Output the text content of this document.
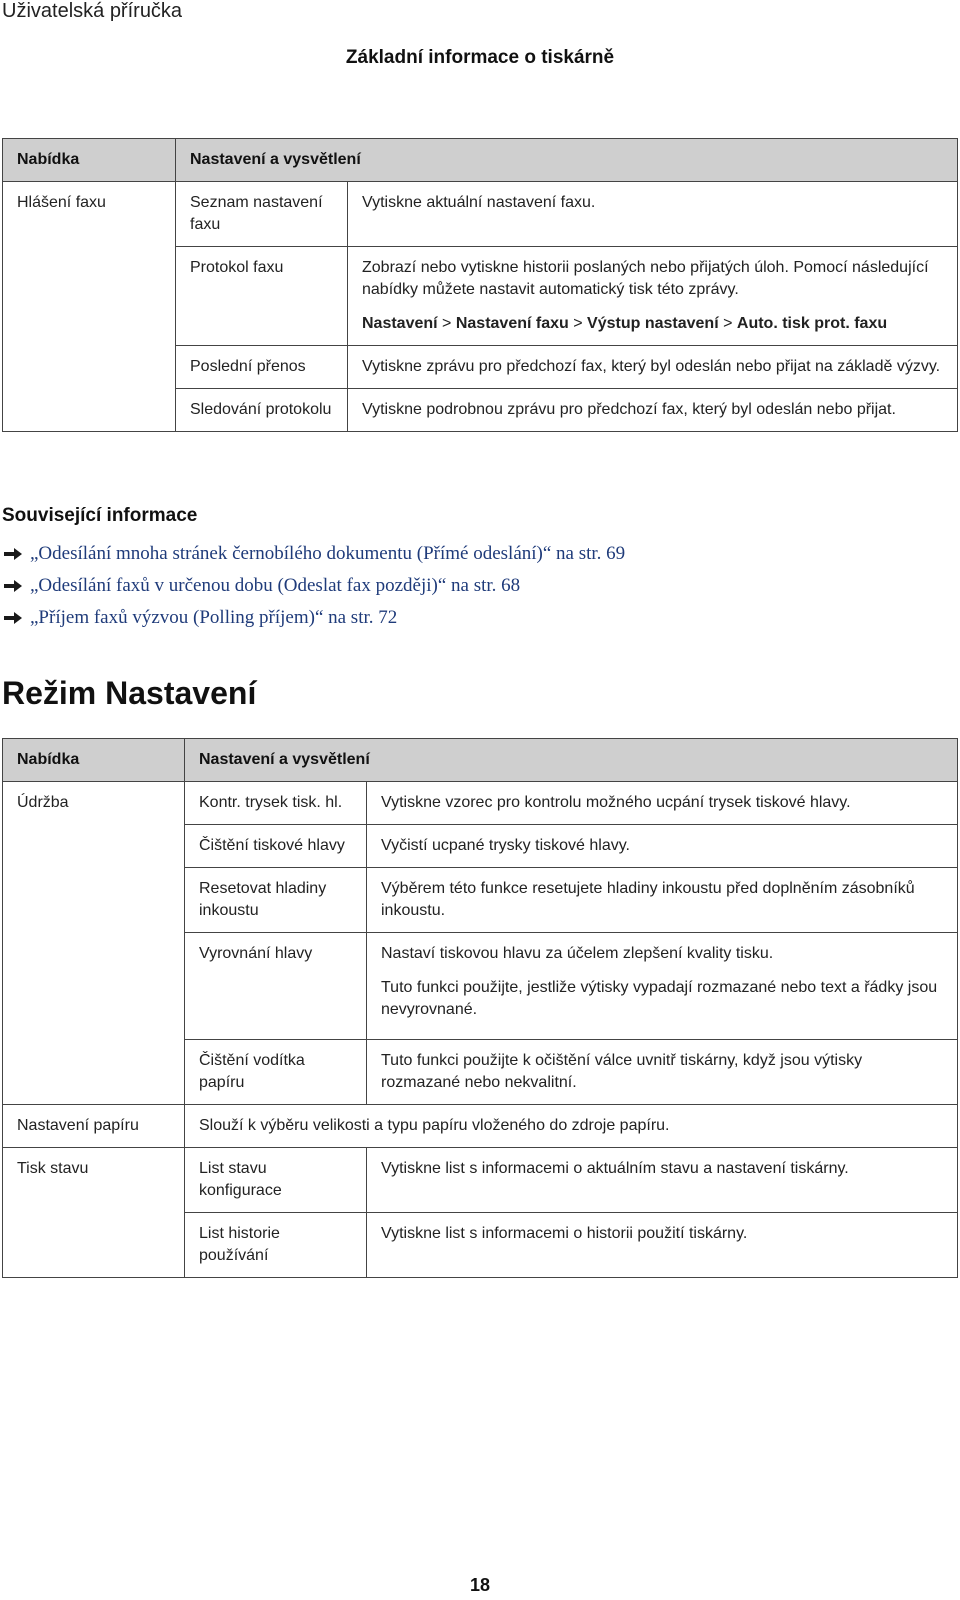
Uživatelská příručka
Základní informace o tiskárně
Nabídka	Nastavení a vysvětlení	
Hlášení faxu	Seznam nastavení faxu	Vytiskne aktuální nastavení faxu.
	Protokol faxu	Zobrazí nebo vytiskne historii poslaných nebo přijatých úloh. Pomocí následující nabídky můžete nastavit automatický tisk této zprávy.
		Nastavení > Nastavení faxu > Výstup nastavení > Auto. tisk prot. faxu
	Poslední přenos	Vytiskne zprávu pro předchozí fax, který byl odeslán nebo přijat na základě výzvy.
	Sledování protokolu	Vytiskne podrobnou zprávu pro předchozí fax, který byl odeslán nebo přijat.
Související informace
„Odesílání mnoha stránek černobílého dokumentu (Přímé odeslání)“ na str. 69
„Odesílání faxů v určenou dobu (Odeslat fax později)“ na str. 68
„Příjem faxů výzvou (Polling příjem)“ na str. 72
Režim Nastavení
Nabídka	Nastavení a vysvětlení	
Údržba	Kontr. trysek tisk. hl.	Vytiskne vzorec pro kontrolu možného ucpání trysek tiskové hlavy.
	Čištění tiskové hlavy	Vyčistí ucpané trysky tiskové hlavy.
	Resetovat hladiny inkoustu	Výběrem této funkce resetujete hladiny inkoustu před doplněním zásobníků inkoustu.
	Vyrovnání hlavy	Nastaví tiskovou hlavu za účelem zlepšení kvality tisku.
		Tuto funkci použijte, jestliže výtisky vypadají rozmazané nebo text a řádky jsou nevyrovnané.
	Čištění vodítka papíru	Tuto funkci použijte k očištění válce uvnitř tiskárny, když jsou výtisky rozmazané nebo nekvalitní.
Nastavení papíru	Slouží k výběru velikosti a typu papíru vloženého do zdroje papíru.	
Tisk stavu	List stavu konfigurace	Vytiskne list s informacemi o aktuálním stavu a nastavení tiskárny.
	List historie používání	Vytiskne list s informacemi o historii použití tiskárny.
18
